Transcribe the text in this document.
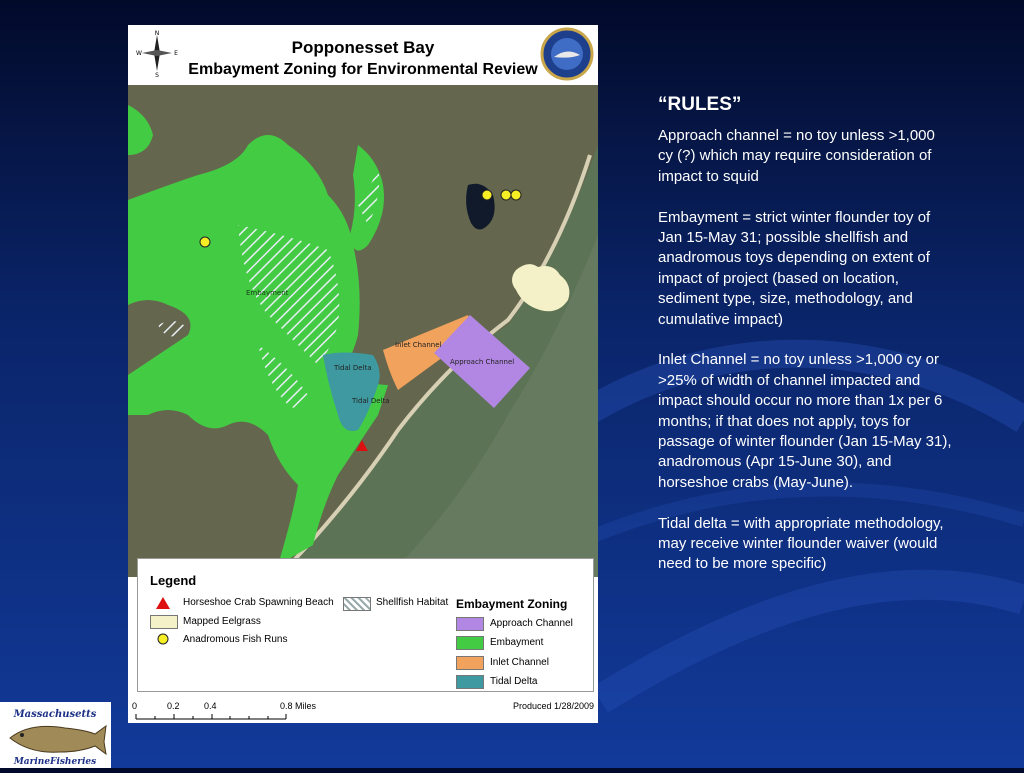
N
S
E
W	Popponesset Bay
Embayment Zoning for Environmental Review
Embayment
Inlet Channel
Approach Channel
Tidal Delta
Tidal Delta
Legend
Horseshoe Crab Spawning Beach	Shellfish Habitat
Mapped Eelgrass
Anadromous Fish Runs
Embayment Zoning
Approach Channel
Embayment
Inlet Channel
Tidal Delta
0	0.2	0.4	0.8 Miles	Produced 1/28/2009
“RULES”

Approach channel = no toy unless >1,000 cy (?) which may require consideration of impact to squid

Embayment = strict winter flounder toy of Jan 15-May 31; possible shellfish and anadromous toys depending on extent of impact of project (based on location, sediment type, size, methodology, and cumulative impact)

Inlet Channel = no toy unless >1,000 cy or >25% of width of channel impacted and impact should occur no more than 1x per 6 months; if that does not apply, toys for passage of winter flounder (Jan 15-May 31), anadromous (Apr 15-June 30), and horseshoe crabs (May-June).

Tidal delta = with appropriate methodology, may receive winter flounder waiver (would need to be more specific)

Massachusetts
MarineFisheries
